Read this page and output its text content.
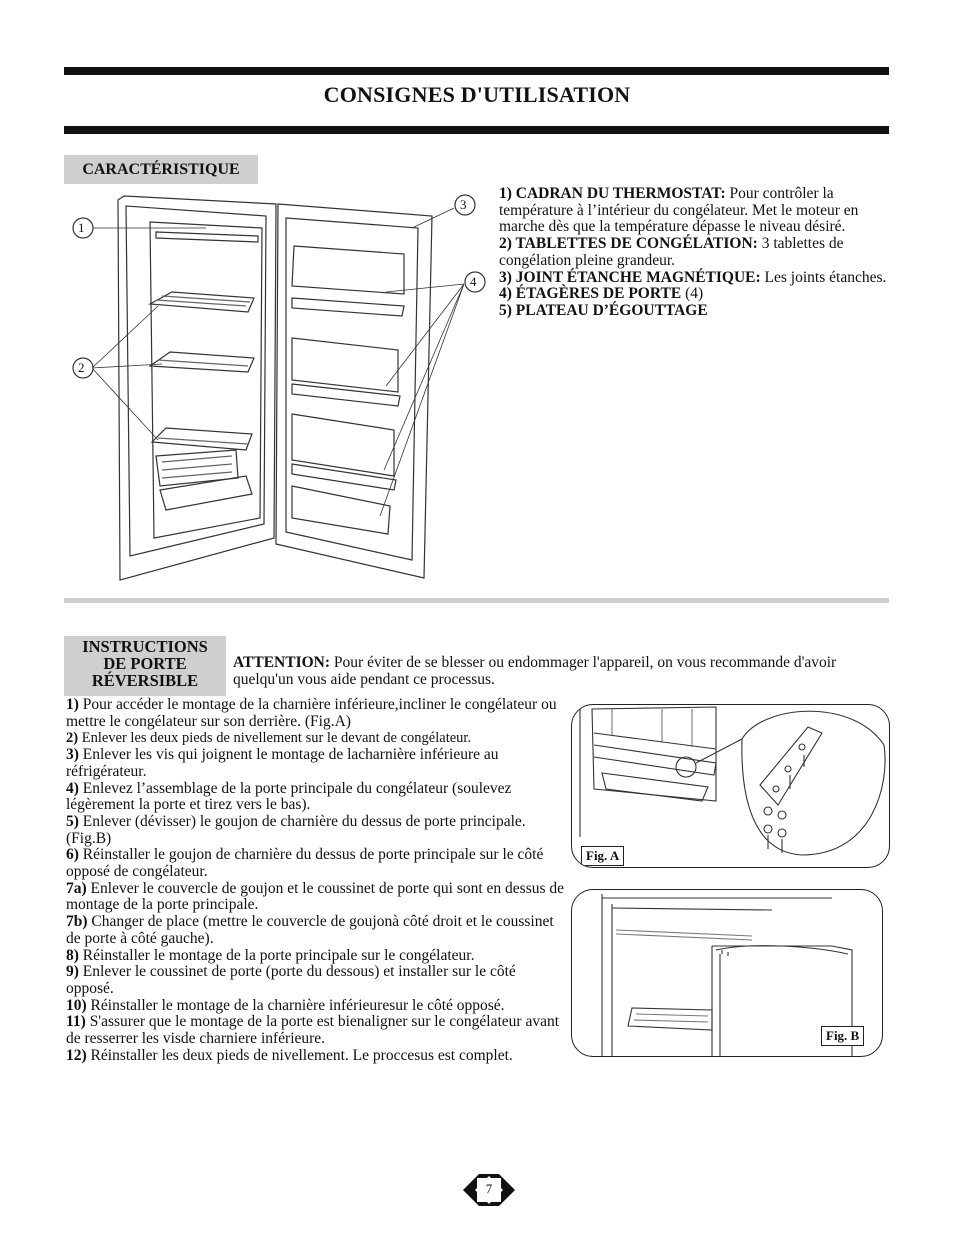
CONSIGNES D'UTILISATION
CARACTÉRISTIQUE
1
2
3
4
1) CADRAN DU THERMOSTAT: Pour contrôler la température à l’intérieur du congélateur. Met le moteur en marche dès que la température dépasse le niveau désiré.
2) TABLETTES DE CONGÉLATION: 3 tablettes de congélation pleine grandeur.
3) JOINT ÉTANCHE MAGNÉTIQUE: Les joints étanches.
4) ÉTAGÈRES DE PORTE (4)
5) PLATEAU D’ÉGOUTTAGE
INSTRUCTIONS
DE PORTE
RÉVERSIBLE
ATTENTION: Pour éviter de se blesser ou endommager l'appareil, on vous recommande d'avoir quelqu'un vous aide pendant ce processus.
1) Pour accéder le montage de la charnière inférieure,incliner le congélateur ou mettre le congélateur sur son derrière. (Fig.A)
2) Enlever les deux pieds de nivellement sur le devant de congélateur.
3) Enlever les vis qui joignent le montage de lacharnière inférieure au réfrigérateur.
4) Enlevez l’assemblage de la porte principale du congélateur (soulevez légèrement la porte et tirez vers le bas).
5) Enlever (dévisser) le goujon de charnière du dessus de porte principale. (Fig.B)
6) Réinstaller le goujon de charnière du dessus de porte principale sur le côté opposé de congélateur.
7a) Enlever le couvercle de goujon et le coussinet de porte qui sont en dessus de montage de la porte principale.
7b) Changer de place (mettre le couvercle de goujonà côté droit et le coussinet de porte à côté gauche).
8) Réinstaller le montage de la porte principale sur le congélateur.
9) Enlever le coussinet de porte (porte du dessous) et installer sur le côté opposé.
10) Réinstaller le montage de la charnière inférieuresur le côté opposé.
11) S'assurer que le montage de la porte est bienaligner sur le congélateur avant de resserrer les visde charniere inférieure.
12) Réinstaller les deux pieds de nivellement. Le proccesus est complet.
Fig. A
Fig. B
7
